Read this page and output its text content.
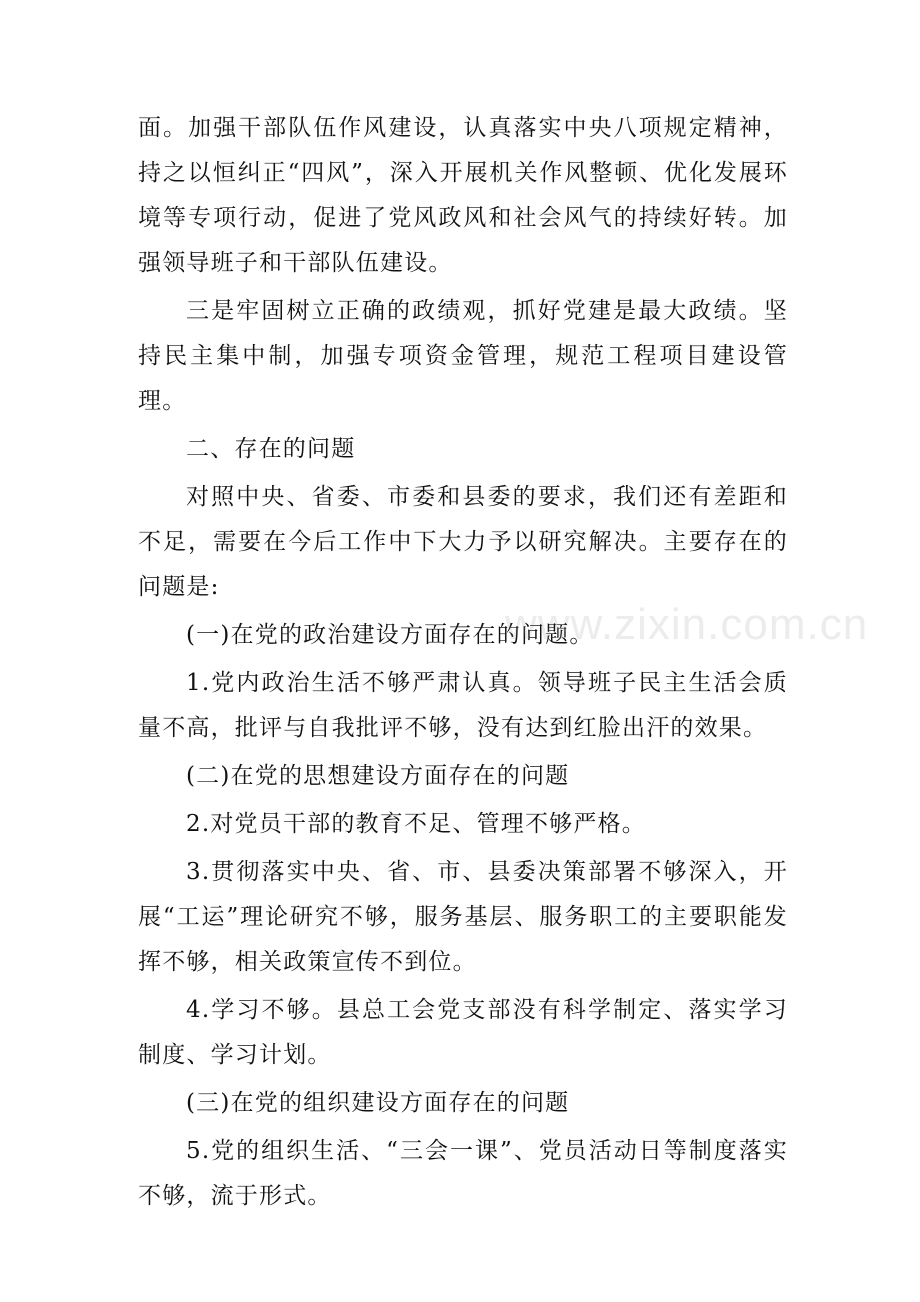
面。加强干部队伍作风建设，认真落实中央八项规定精神，持之以恒纠正“四风”，深入开展机关作风整顿、优化发展环境等专项行动，促进了党风政风和社会风气的持续好转。加强领导班子和干部队伍建设。

三是牢固树立正确的政绩观，抓好党建是最大政绩。坚持民主集中制，加强专项资金管理，规范工程项目建设管理。

二、存在的问题

对照中央、省委、市委和县委的要求，我们还有差距和不足，需要在今后工作中下大力予以研究解决。主要存在的问题是:

(一)在党的政治建设方面存在的问题。

1.党内政治生活不够严肃认真。领导班子民主生活会质量不高，批评与自我批评不够，没有达到红脸出汗的效果。

(二)在党的思想建设方面存在的问题

2.对党员干部的教育不足、管理不够严格。

3.贯彻落实中央、省、市、县委决策部署不够深入，开展“工运”理论研究不够，服务基层、服务职工的主要职能发挥不够，相关政策宣传不到位。

4.学习不够。县总工会党支部没有科学制定、落实学习制度、学习计划。

(三)在党的组织建设方面存在的问题

5.党的组织生活、“三会一课”、党员活动日等制度落实不够，流于形式。

www.zixin.com.cn
